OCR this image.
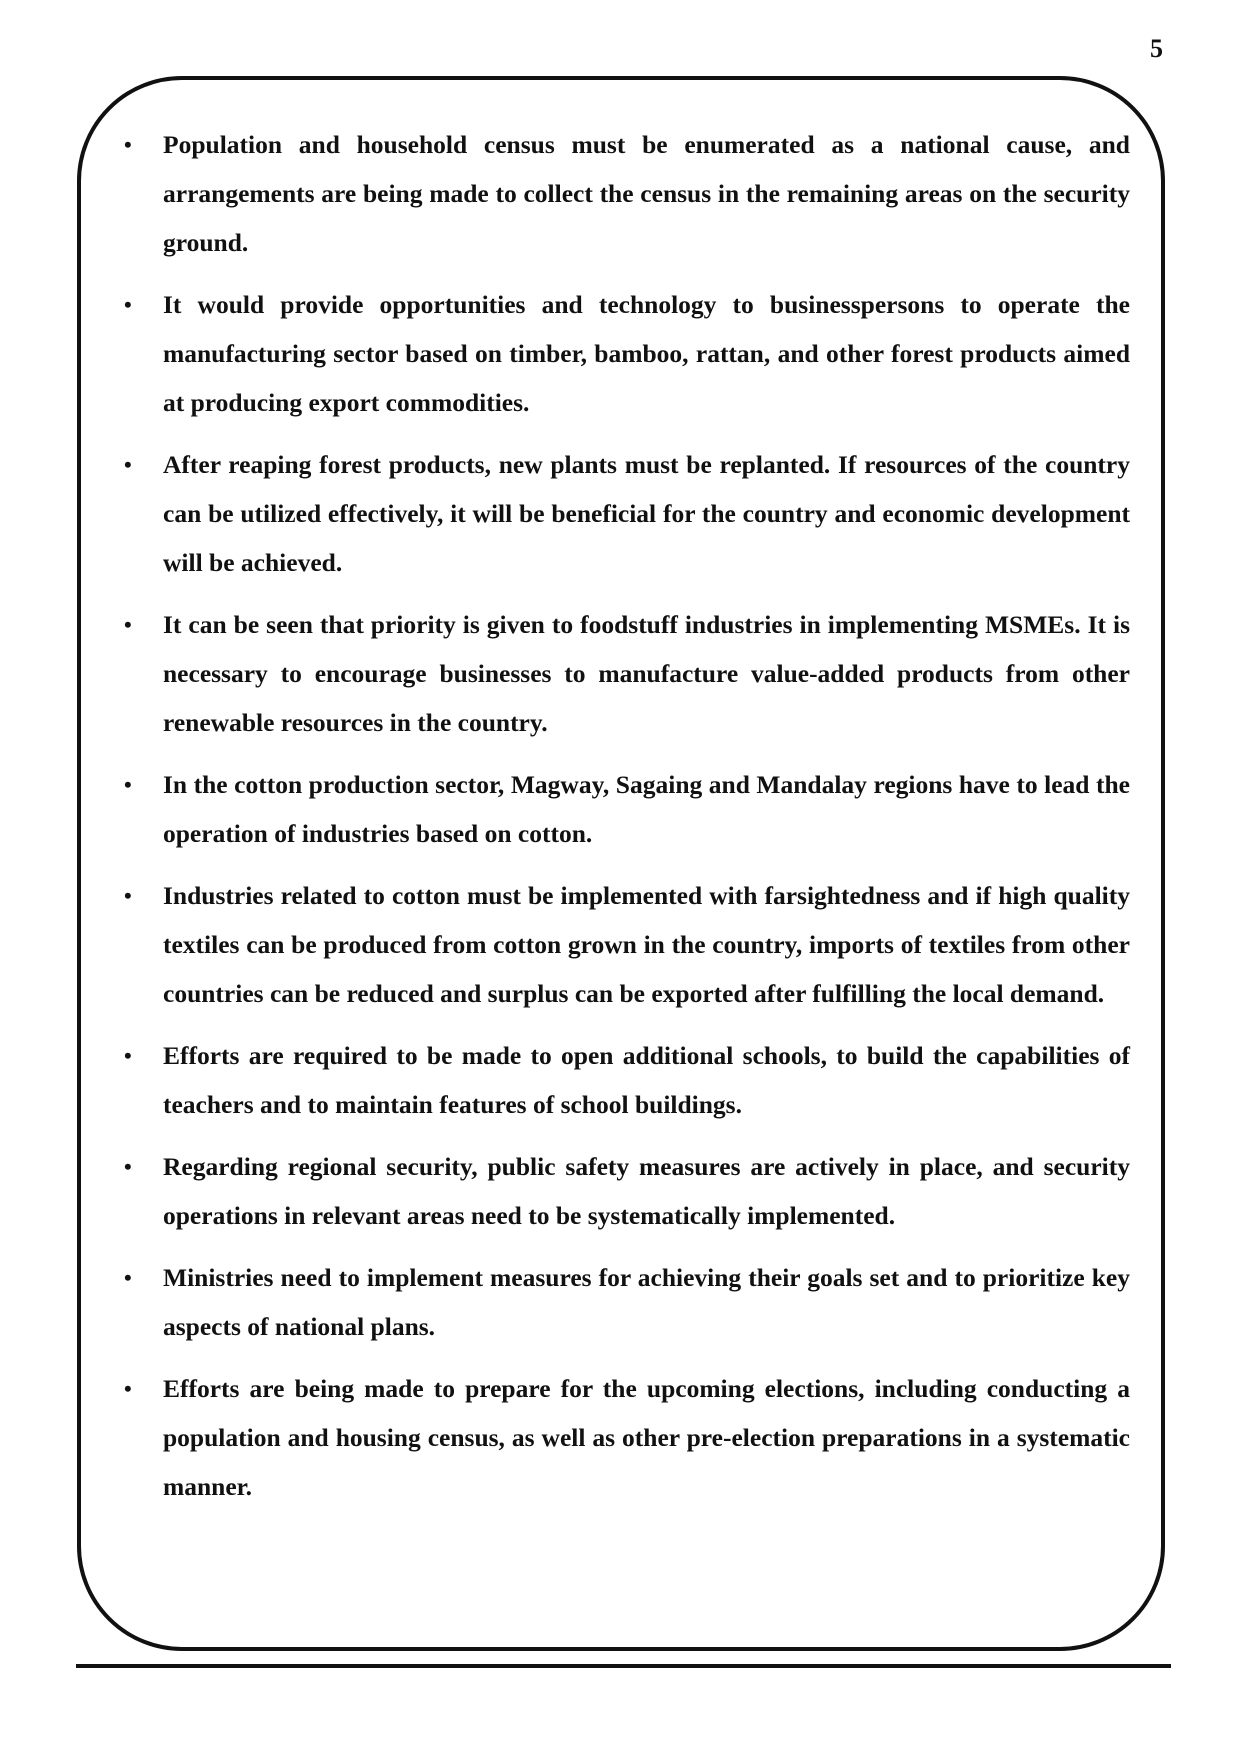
5
• Population and household census must be enumerated as a national cause, and arrangements are being made to collect the census in the remaining areas on the security ground.
• It would provide opportunities and technology to businesspersons to operate the manufacturing sector based on timber, bamboo, rattan, and other forest products aimed at producing export commodities.
• After reaping forest products, new plants must be replanted. If resources of the country can be utilized effectively, it will be beneficial for the country and economic development will be achieved.
• It can be seen that priority is given to foodstuff industries in implementing MSMEs. It is necessary to encourage businesses to manufacture value-added products from other renewable resources in the country.
• In the cotton production sector, Magway, Sagaing and Mandalay regions have to lead the operation of industries based on cotton.
• Industries related to cotton must be implemented with farsightedness and if high quality textiles can be produced from cotton grown in the country, imports of textiles from other countries can be reduced and surplus can be exported after fulfilling the local demand.
• Efforts are required to be made to open additional schools, to build the capabilities of teachers and to maintain features of school buildings.
• Regarding regional security, public safety measures are actively in place, and security operations in relevant areas need to be systematically implemented.
• Ministries need to implement measures for achieving their goals set and to prioritize key aspects of national plans.
• Efforts are being made to prepare for the upcoming elections, including conducting a population and housing census, as well as other pre-election preparations in a systematic manner.
